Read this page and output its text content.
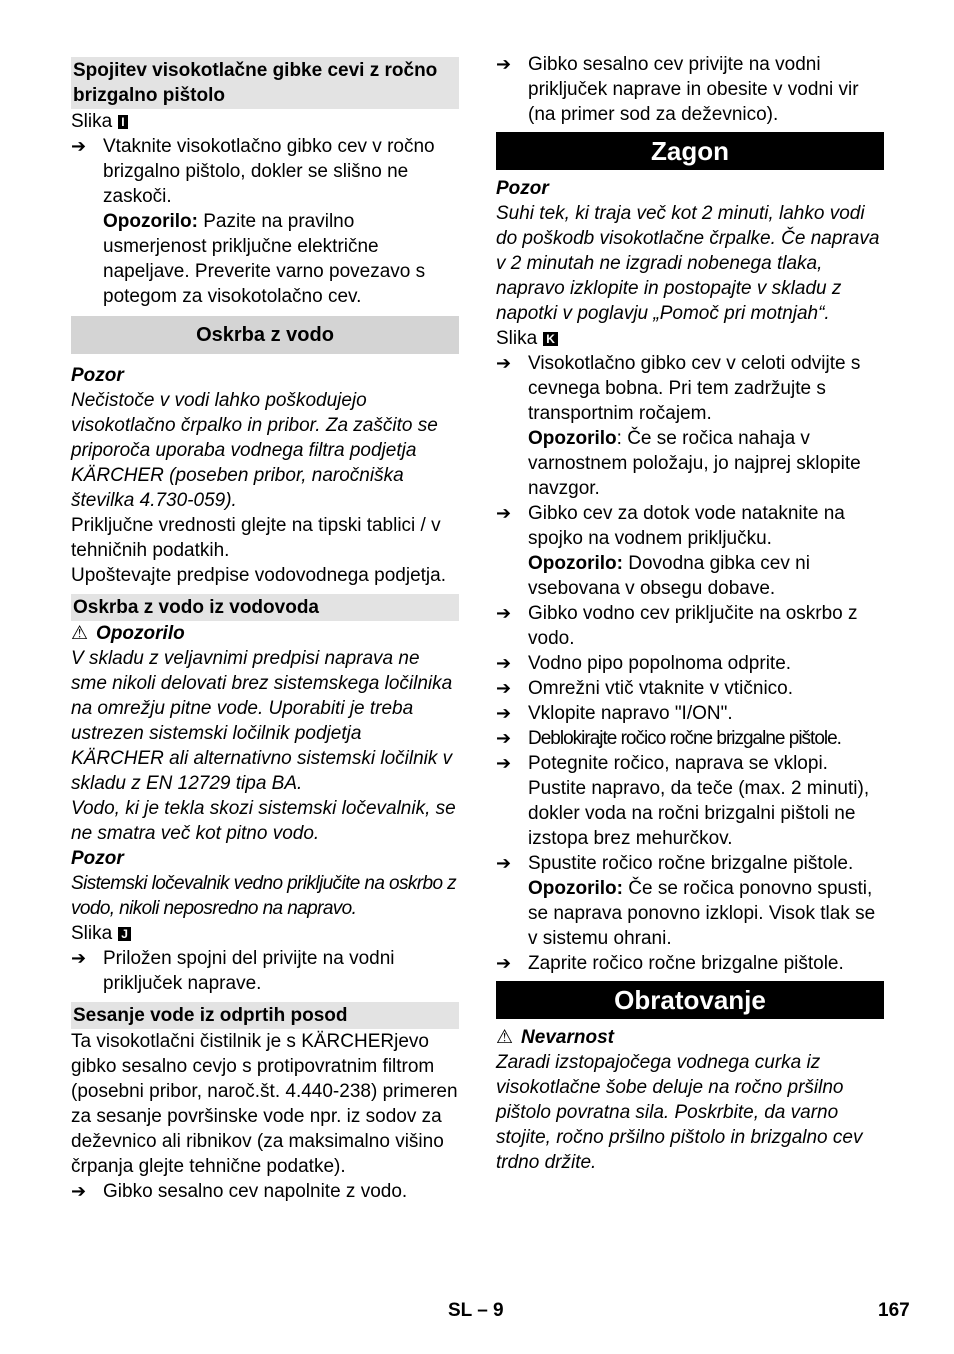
Spojitev visokotlačne gibke cevi z ročno brizgalno pištolo

Slika I

➔ Vtaknite visokotlačno gibko cev v ročno brizgalno pištolo, dokler se slišno ne zaskoči.
Opozorilo: Pazite na pravilno usmerjenost priključne električne napeljave. Preverite varno povezavo s potegom za visokotolačno cev.
Oskrba z vodo

Pozor

Nečistoče v vodi lahko poškodujejo visokotlačno črpalko in pribor. Za zaščito se priporoča uporaba vodnega filtra podjetja KÄRCHER (poseben pribor, naročniška številka 4.730-059).

Priključne vrednosti glejte na tipski tablici / v tehničnih podatkih.

Upoštevajte predpise vodovodnega podjetja.

Oskrba z vodo iz vodovoda

⚠ Opozorilo

V skladu z veljavnimi predpisi naprava ne sme nikoli delovati brez sistemskega ločilnika na omrežju pitne vode. Uporabiti je treba ustrezen sistemski ločilnik podjetja KÄRCHER ali alternativno sistemski ločilnik v skladu z EN 12729 tipa BA.

Vodo, ki je tekla skozi sistemski ločevalnik, se ne smatra več kot pitno vodo.

Pozor

Sistemski ločevalnik vedno priključite na oskrbo z vodo, nikoli neposredno na napravo.

Slika J

➔ Priložen spojni del privijte na vodni priključek naprave.

Sesanje vode iz odprtih posod

Ta visokotlačni čistilnik je s KÄRCHERjevo gibko sesalno cevjo s protipovratnim filtrom (posebni pribor, naroč.št. 4.440-238) primeren za sesanje površinske vode npr. iz sodov za deževnico ali ribnikov (za maksimalno višino črpanja glejte tehnične podatke).

➔ Gibko sesalno cev napolnite z vodo.
➔ Gibko sesalno cev privijte na vodni priključek naprave in obesite v vodni vir (na primer sod za deževnico).
Zagon

Pozor

Suhi tek, ki traja več kot 2 minuti, lahko vodi do poškodb visokotlačne črpalke. Če naprava v 2 minutah ne izgradi nobenega tlaka, napravo izklopite in postopajte v skladu z napotki v poglavju „Pomoč pri motnjah“.

Slika K

➔ Visokotlačno gibko cev v celoti odvijte s cevnega bobna. Pri tem zadržujte s transportnim ročajem.
Opozorilo: Če se ročica nahaja v varnostnem položaju, jo najprej sklopite navzgor.
➔ Gibko cev za dotok vode nataknite na spojko na vodnem priključku.
Opozorilo: Dovodna gibka cev ni vsebovana v obsegu dobave.
➔ Gibko vodno cev priključite na oskrbo z vodo.
➔ Vodno pipo popolnoma odprite.
➔ Omrežni vtič vtaknite v vtičnico.
➔ Vklopite napravo "I/ON".
➔ Deblokirajte ročico ročne brizgalne pištole.
➔ Potegnite ročico, naprava se vklopi. Pustite napravo, da teče (max. 2 minuti), dokler voda na ročni brizgalni pištoli ne izstopa brez mehurčkov.
➔ Spustite ročico ročne brizgalne pištole.
Opozorilo: Če se ročica ponovno spusti, se naprava ponovno izklopi. Visok tlak se v sistemu ohrani.
➔ Zaprite ročico ročne brizgalne pištole.
Obratovanje

⚠ Nevarnost

Zaradi izstopajočega vodnega curka iz visokotlačne šobe deluje na ročno pršilno pištolo povratna sila. Poskrbite, da varno stojite, ročno pršilno pištolo in brizgalno cev trdno držite.

SL – 9	167
